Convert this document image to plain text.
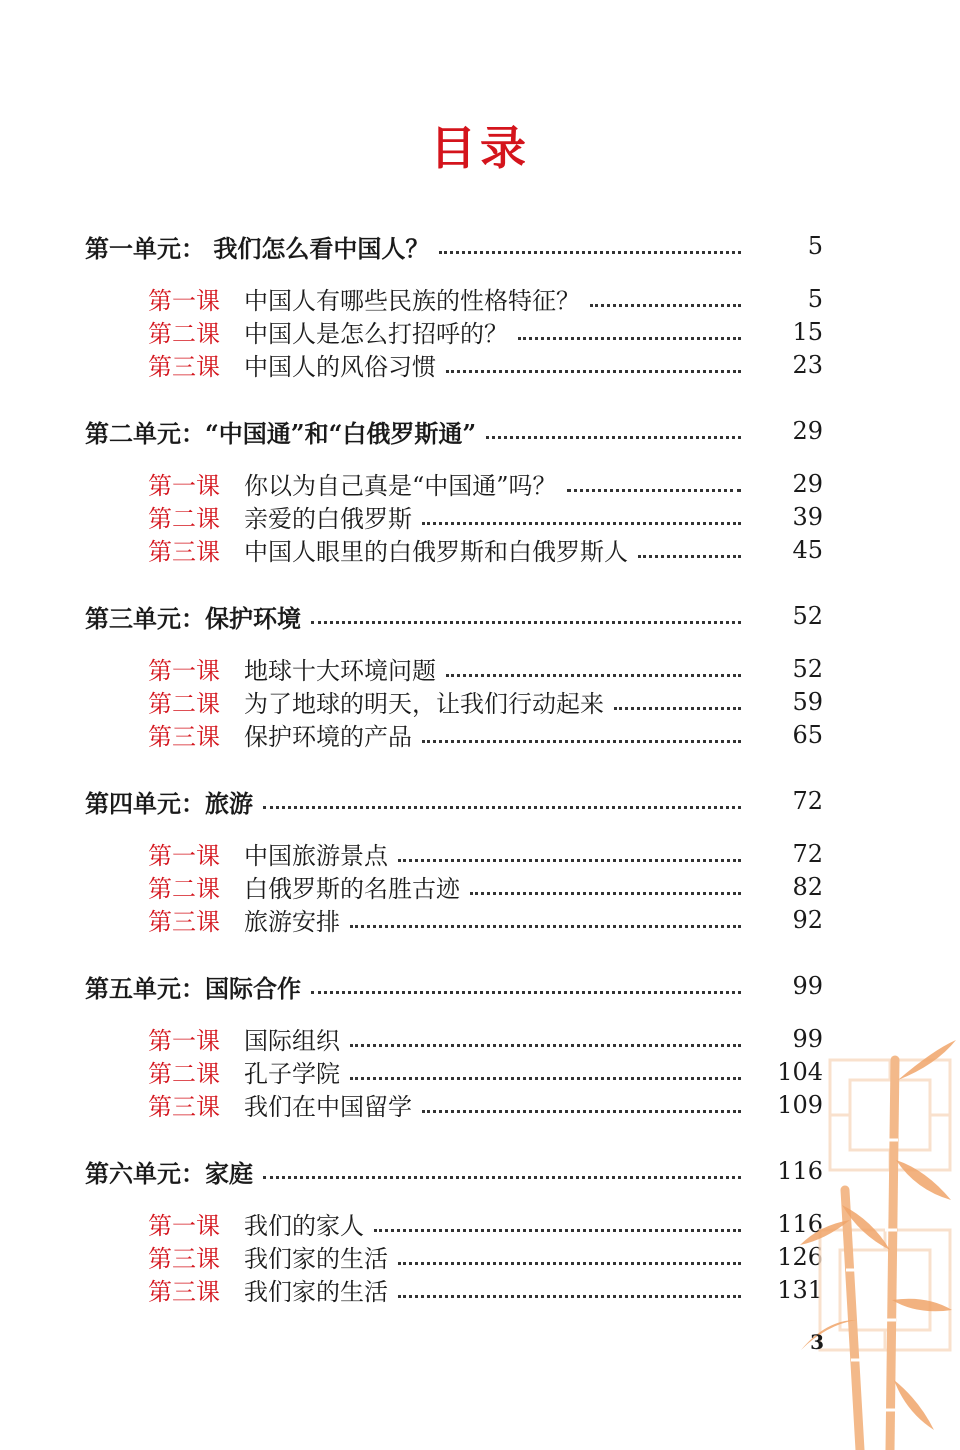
目录
第一单元： 我们怎么看中国人？	5
第一课	中国人有哪些民族的性格特征？	5
第二课	中国人是怎么打招呼的？	15
第三课	中国人的风俗习惯	23
第二单元：“中国通”和“白俄罗斯通”	29
第一课	你以为自己真是“中国通”吗？	29
第二课	亲爱的白俄罗斯	39
第三课	中国人眼里的白俄罗斯和白俄罗斯人	45
第三单元：保护环境	52
第一课	地球十大环境问题	52
第二课	为了地球的明天，让我们行动起来	59
第三课	保护环境的产品	65
第四单元：旅游	72
第一课	中国旅游景点	72
第二课	白俄罗斯的名胜古迹	82
第三课	旅游安排	92
第五单元：国际合作	99
第一课	国际组织	99
第二课	孔子学院	104
第三课	我们在中国留学	109
第六单元：家庭	116
第一课	我们的家人	116
第三课	我们家的生活	126
第三课	我们家的生活	131
3
